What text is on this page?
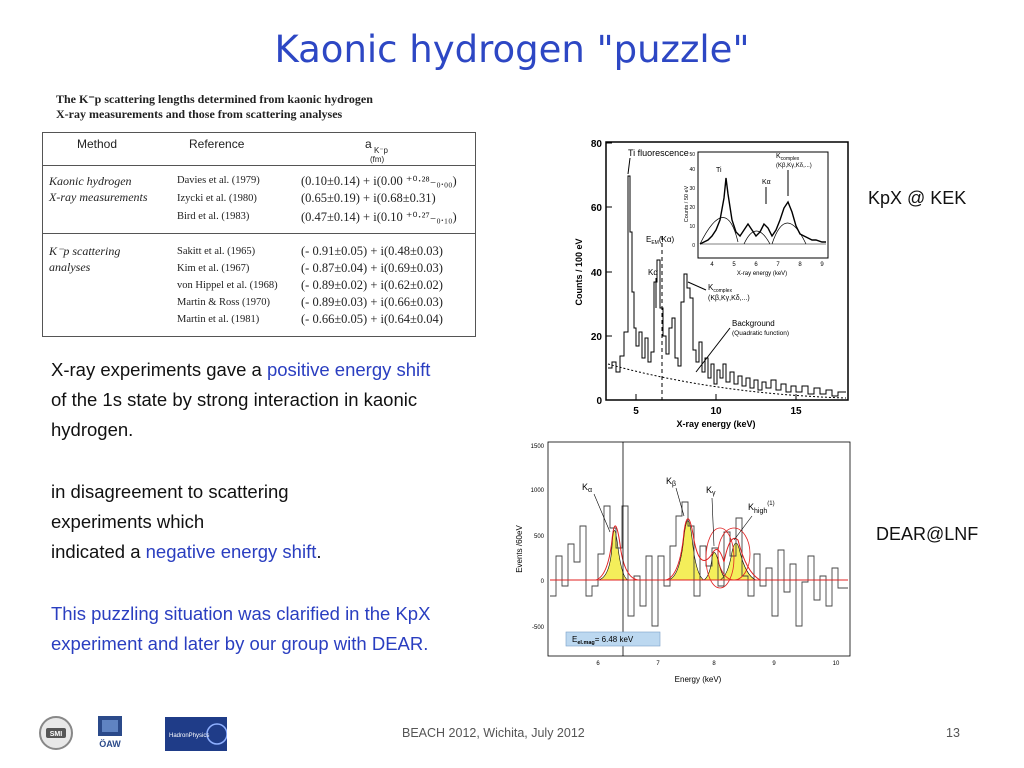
Kaonic hydrogen "puzzle"
The K⁻p scattering lengths determined from kaonic hydrogen
X-ray measurements and those from scattering analyses
Method	Reference	a K⁻p
(fm)
Kaonic hydrogen
X-ray measurements
Davies et al. (1979)	(0.10±0.14) + i(0.00 ⁺⁰·²⁸₋₀.₀₀)
Izycki et al. (1980)	(0.65±0.19) + i(0.68±0.31)
Bird et al. (1983)	(0.47±0.14) + i(0.10 ⁺⁰·²⁷₋₀.₁₀)
K⁻p scattering
analyses
Sakitt et al. (1965)	(- 0.91±0.05) + i(0.48±0.03)
Kim et al. (1967)	(- 0.87±0.04) + i(0.69±0.03)
von Hippel et al. (1968) (- 0.89±0.02) + i(0.62±0.02)
Martin & Ross (1970) (- 0.89±0.03) + i(0.66±0.03)
Martin et al. (1981)	(- 0.66±0.05) + i(0.64±0.04)
X-ray experiments gave a positive energy shift of the 1s state by strong interaction in kaonic hydrogen.
in disagreement to scattering
experiments which
indicated a negative energy shift.
This puzzling situation was clarified in the KpX experiment and later by our group with DEAR.
0
20
40
60
80
5	10	15
X-ray energy (keV)
Counts / 100 eV
Ti fluorescence
$E_{EM}(K\alpha)$
Kα
$K_{complex}$
(Kβ,Kγ,Kδ,...)
Background
(Quadratic function)
Ti
Kα
$K_{complex}$
(Kβ,Kγ,Kδ,...)
4	5	6	7	8	9
X-ray energy (keV)
0
10
20
30
40
50
Counts / 50 eV	KpX @ KEK
1500
1000
500
0
-500
6	7	8	9	10
Energy (keV)
Events /60eV
$K_\alpha$
$K_\beta$
$K_\gamma$
$K_{high}^{(1)}$
$E_{el.mag}= 6.48$ keV
DEAR@LNF
SMI
ÖAW
HadronPhysics	BEACH 2012, Wichita, July 2012	13
